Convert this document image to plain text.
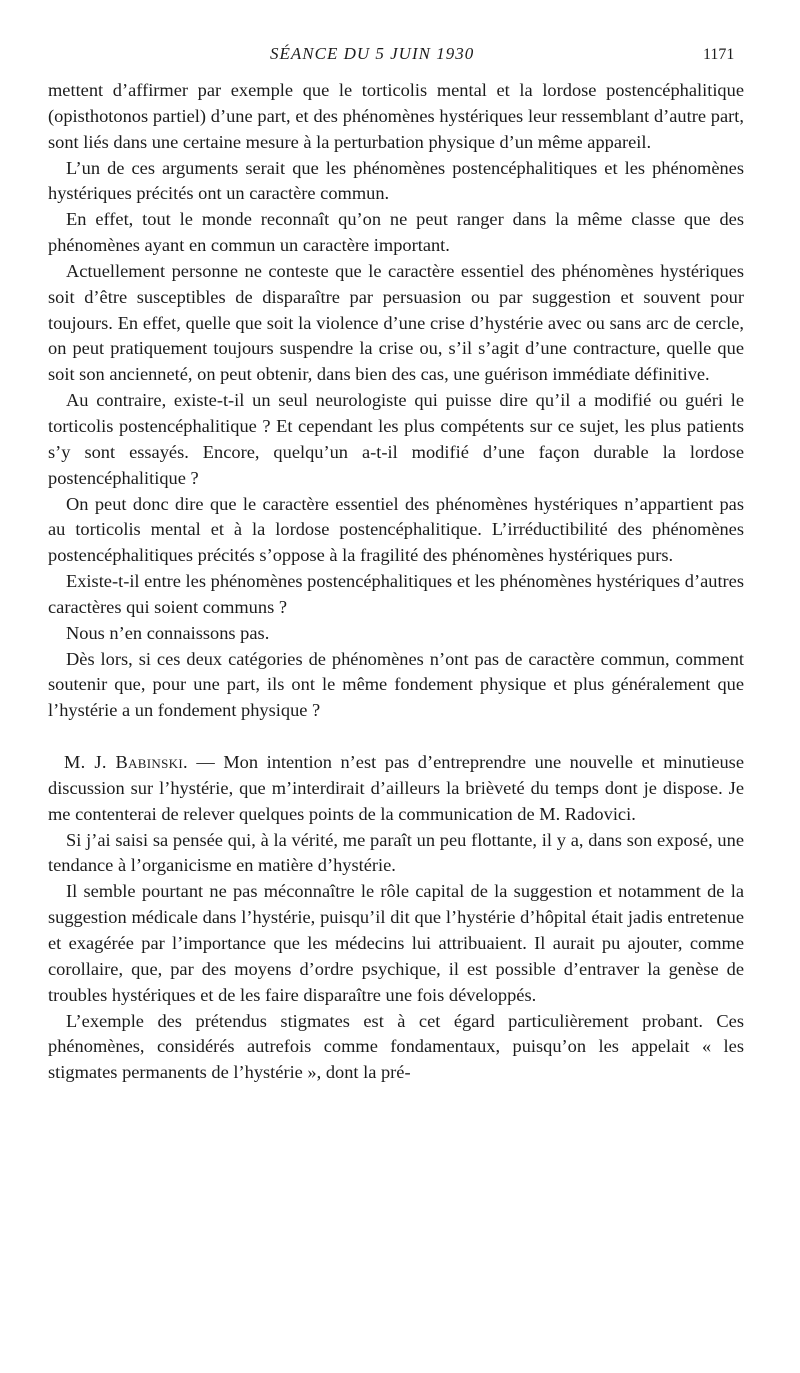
SÉANCE DU 5 JUIN 1930	1171

mettent d’affirmer par exemple que le torticolis mental et la lordose postencéphalitique (opisthotonos partiel) d’une part, et des phénomènes hystériques leur ressemblant d’autre part, sont liés dans une certaine mesure à la perturbation physique d’un même appareil.

L’un de ces arguments serait que les phénomènes postencéphalitiques et les phénomènes hystériques précités ont un caractère commun.

En effet, tout le monde reconnaît qu’on ne peut ranger dans la même classe que des phénomènes ayant en commun un caractère important.

Actuellement personne ne conteste que le caractère essentiel des phénomènes hystériques soit d’être susceptibles de disparaître par persuasion ou par suggestion et souvent pour toujours. En effet, quelle que soit la violence d’une crise d’hystérie avec ou sans arc de cercle, on peut pratiquement toujours suspendre la crise ou, s’il s’agit d’une contracture, quelle que soit son ancienneté, on peut obtenir, dans bien des cas, une guérison immédiate définitive.

Au contraire, existe-t-il un seul neurologiste qui puisse dire qu’il a modifié ou guéri le torticolis postencéphalitique ? Et cependant les plus compétents sur ce sujet, les plus patients s’y sont essayés. Encore, quelqu’un a-t-il modifié d’une façon durable la lordose postencéphalitique ?

On peut donc dire que le caractère essentiel des phénomènes hystériques n’appartient pas au torticolis mental et à la lordose postencéphalitique. L’irréductibilité des phénomènes postencéphalitiques précités s’oppose à la fragilité des phénomènes hystériques purs.

Existe-t-il entre les phénomènes postencéphalitiques et les phénomènes hystériques d’autres caractères qui soient communs ?

Nous n’en connaissons pas.

Dès lors, si ces deux catégories de phénomènes n’ont pas de caractère commun, comment soutenir que, pour une part, ils ont le même fondement physique et plus généralement que l’hystérie a un fondement physique ?

M. J. Babinski. — Mon intention n’est pas d’entreprendre une nouvelle et minutieuse discussion sur l’hystérie, que m’interdirait d’ailleurs la brièveté du temps dont je dispose. Je me contenterai de relever quelques points de la communication de M. Radovici.

Si j’ai saisi sa pensée qui, à la vérité, me paraît un peu flottante, il y a, dans son exposé, une tendance à l’organicisme en matière d’hystérie.

Il semble pourtant ne pas méconnaître le rôle capital de la suggestion et notamment de la suggestion médicale dans l’hystérie, puisqu’il dit que l’hystérie d’hôpital était jadis entretenue et exagérée par l’importance que les médecins lui attribuaient. Il aurait pu ajouter, comme corollaire, que, par des moyens d’ordre psychique, il est possible d’entraver la genèse de troubles hystériques et de les faire disparaître une fois développés.

L’exemple des prétendus stigmates est à cet égard particulièrement probant. Ces phénomènes, considérés autrefois comme fondamentaux, puisqu’on les appelait « les stigmates permanents de l’hystérie », dont la pré-
